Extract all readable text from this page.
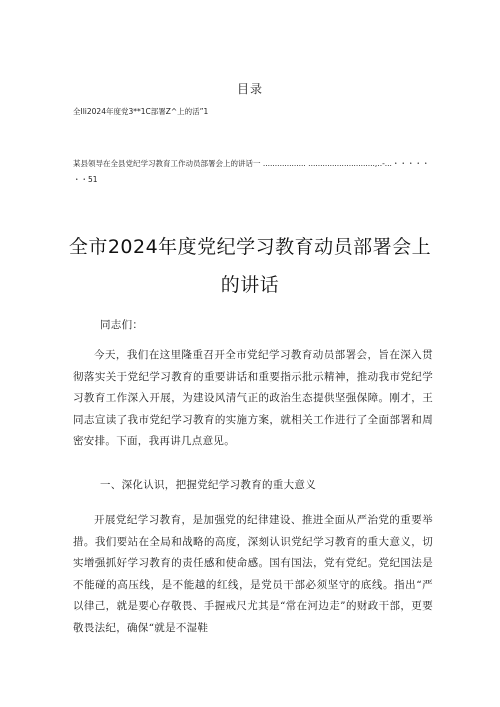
目录
全Ili2024年度党3**1C部署Z^上的活”1
某县领导在全县党纪学习教育工作动员部署会上的讲话一 .................. ............................,..-...・・・・・
・・51
全市2024年度党纪学习教育动员部署会上
的讲话
同志们：
今天，我们在这里隆重召开全市党纪学习教育动员部署会，旨在深入贯彻落实关于党纪学习教育的重要讲话和重要指示批示精神，推动我市党纪学习教育工作深入开展，为建设风清气正的政治生态提供坚强保障。刚才，王同志宣读了我市党纪学习教育的实施方案，就相关工作进行了全面部署和周密安排。下面，我再讲几点意见。
一、深化认识，把握党纪学习教育的重大意义
开展党纪学习教育，是加强党的纪律建设、推进全面从严治党的重要举措。我们要站在全局和战略的高度，深刻认识党纪学习教育的重大意义，切实增强抓好学习教育的责任感和使命感。国有国法，党有党纪。党纪国法是不能碰的高压线，是不能越的红线，是党员干部必须坚守的底线。指出“严以律己，就是要心存敬畏、手握戒尺尤其是“常在河边走”的财政干部，更要敬畏法纪，确保“就是不湿鞋
